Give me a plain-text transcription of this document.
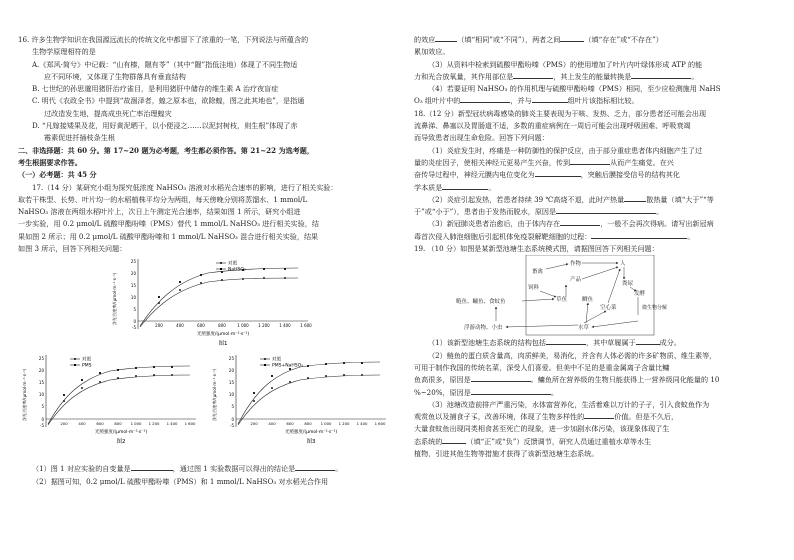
16. 许多生物学知识在我国源远流长的传统文化中都留下了浓重的一笔，下列说法与所蕴含的

生物学原理相符的是

A.《郑风·简兮》中记载：“山有榛，隰有苓”（其中“隰”指低洼地）体现了不同生物适

应不同环境，又体现了生物群落具有垂直结构

B. 七世纪的孙思邈用猪肝治疗雀目，是利用猪肝中储存的维生素 A 治疗夜盲症

C. 明代《农政全书》中提到“故涸泽者，蝗之原本也，欲除蝗，图之此其地也”，是指通

过改造发生地，提高成虫死亡率治理蝗灾

D. “凡嫁接矮果及花，用好黄泥晒干，以小便浸之……以泥封树枝，则生根”体现了赤

霉素促进扦插枝条生根

二、非选择题：共 60 分。第 17~20 题为必考题，考生都必须作答。第 21~22 为选考题，

考生根据要求作答。

（一）必考题：共 45 分

17.（14 分）某研究小组为探究低浓度 NaHSO₃ 溶液对水稻光合速率的影响，进行了相关实验：

取若干株型、长势、叶片均一的水稻植株平均分为两组，每天傍晚分别将蒸馏水、1 mmol/L

NaHSO₃ 溶液在两组水稻叶片上，次日上午测定光合速率，结果如图 1 所示，研究小组进

一步实验，用 0.2 μmol/L 硫酸甲酯吩嗪（PMS）替代 1 mmol/L NaHSO₃ 进行相关实验，结

果如图 2 所示；用 0.2 μmol/L 硫酸甲酯吩嗪和 1 mmol/L NaHSO₃ 混合进行相关实验，结果

如图 3 所示，回答下列相关问题：

净光合速率/(μmol·m⁻²·s⁻¹)	0
-5
5
10
15
20
25
200	400	600	800	1 000 1 200 1 400 1 600
对照
NaHSO₃
光照强度/(μmol·m⁻²·s⁻¹)
图1
净光合速率/(μmol·m⁻²·s⁻¹)	0
-5
5
10
15
20
25
200	400	600	800 1 000 1 200 1 400 1 600
对照
PMS
光照强度/(μmol·m⁻²·s⁻¹)
图2
净光合速率/(μmol·m⁻²·s⁻¹)	0
-5
5
10
15
20
25
200	400	600	800 1 000 1 200 1 400 1 600
对照
PMS+NaHSO₃
光照强度/(μmol·m⁻²·s⁻¹)
图3

（1）图 1 对应实验的自变量是	，通过图 1 实验数据可以得出的结论是	。

（2）据图可知，0.2 μmol/L 硫酸甲酯吩嗪（PMS）和 1 mmol/L NaHSO₃ 对水稻光合作用

的效应	（填“相同”或“不同”），两者之间	（填“存在”或“不存在”）

累加效应。

（3）从资料中检索到硫酸甲酯吩嗪（PMS）的使用增加了叶片内叶绿体形成 ATP 的能

力和光合放氧量，其作用部位是	，其上发生的能量转换是	。

（4）若要证明 NaHSO₃ 的作用机理与硫酸甲酯吩嗪（PMS）相同，至少应检测施用 NaHS

O₃ 组叶片中的	，并与	组叶片该指标相比较。

18.（12 分）新型冠状病毒感染的肺炎主要表现为干咳、发热、乏力，部分患者还可能会出现

流鼻涕、鼻塞以及胃肠道不适，多数的重症病例在一周后可能会出现呼吸困难、呼吸衰竭

而导致患者出现生命危险。回答下列问题：

（1）炎症发生时，疼痛是一种防御性的保护反应，由于部分重症患者体内细胞产生了过

量的炎症因子，使相关神经元更易产生兴奋，传到	从而产生痛觉。在兴

奋传导过程中，神经元膜内电位变化为	，突触后膜接受信号的结构其化

学本质是	。

（2）炎症引起发热，若患者持续 39 ℃高烧不退，此时产热量	散热量（填“大于”“等

于”或“小于”），患者由于发热而脱水，原因是	。

（3）新冠肺炎患者治愈后，由于体内存在	，一般不会再次得病。请写出新冠病

毒首次侵入肺泡细胞后引起机体免疫裂解靶细胞的过程：	。

19. （10 分）如图是某新型池塘生态系统模式图，请据图回答下列相关问题：

畜禽
作物	人
产品
粪尿
草鱼	鲫鱼
空心菜
发酵
微生物分解
鲢鱼、鳙鱼、食蚊鱼
浮游动物、小虫	水草
饲料

（1）该新型池塘生态系统的结构包括	，其中草履属于	成分。

（2）鲢鱼的蛋白质含量高，肉质鲜美，易消化，并含有人体必需的许多矿物质、维生素等，

可用于制作我国的传统名菜，深受人们喜爱。但美中不足的是重金属离子含量比鳙

鱼高很多，原因是	。鳙鱼所在营养级的生物只能获得上一营养级同化能量的 10

%~20%，原因是	。

（3）池塘改造前排产严重污染，水体富营养化，生活着难以万计的子孑，引入食蚊鱼作为

观赏鱼以及捕食孑孓，改善环境，体现了生物多样性的	价值。但是不久后，

大量食蚊鱼出现同类相食甚至死亡的现象，进一步加剧水体污染，该现象体现了生

态系统的	（填“正”或“负”）反馈调节，研究人员通过重植水草等水生

植物，引进其他生物等措施才获得了该新型池塘生态系统。
